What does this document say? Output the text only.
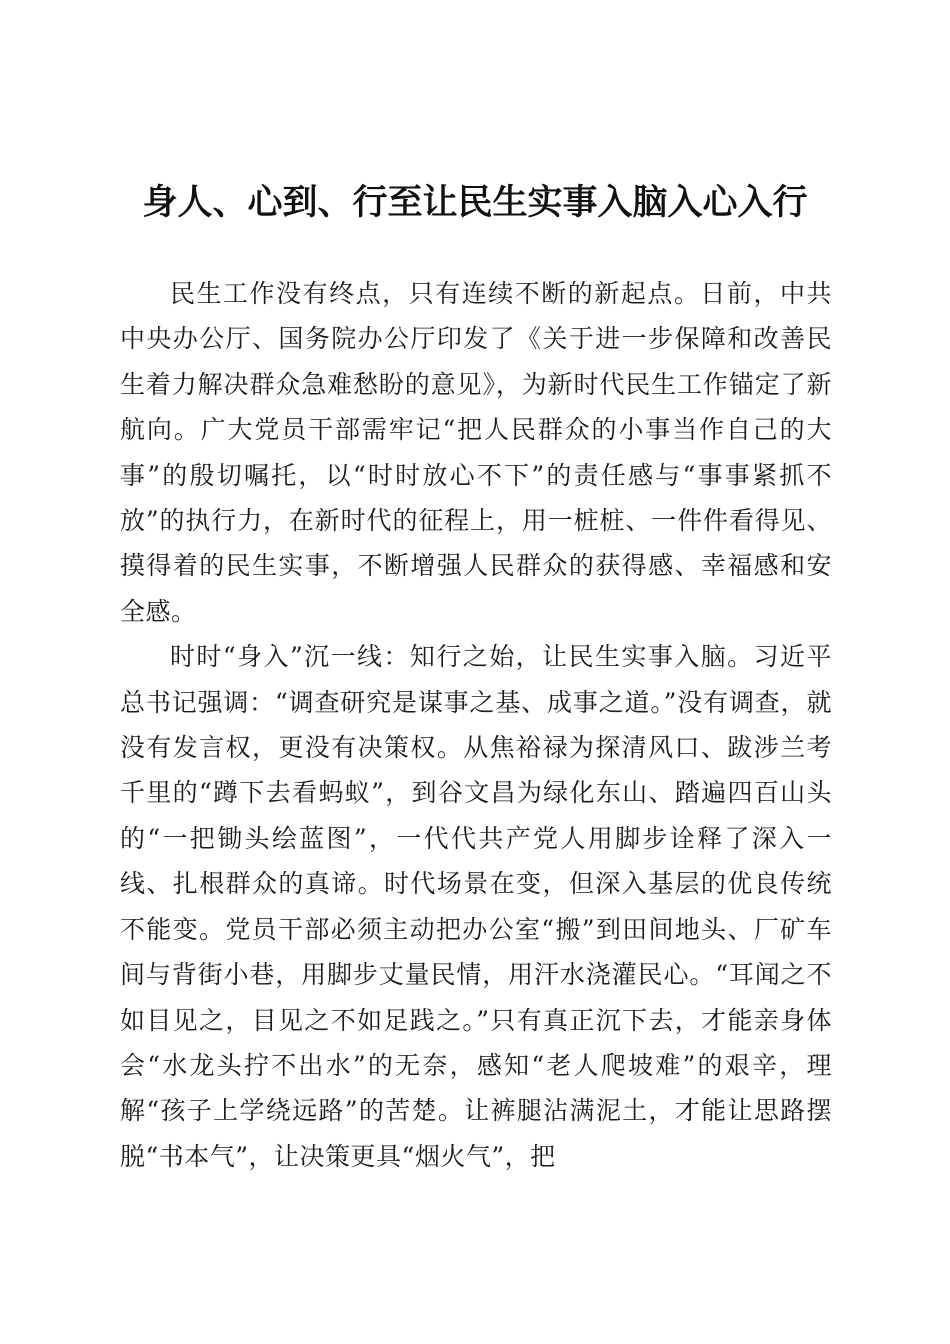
身人、心到、行至让民生实事入脑入心入行

民生工作没有终点，只有连续不断的新起点。日前，中共中央办公厅、国务院办公厅印发了《关于进一步保障和改善民生着力解决群众急难愁盼的意见》，为新时代民生工作锚定了新航向。广大党员干部需牢记“把人民群众的小事当作自己的大事”的殷切嘱托，以“时时放心不下”的责任感与“事事紧抓不放”的执行力，在新时代的征程上，用一桩桩、一件件看得见、摸得着的民生实事，不断增强人民群众的获得感、幸福感和安全感。

时时“身入”沉一线：知行之始，让民生实事入脑。习近平总书记强调：“调查研究是谋事之基、成事之道。”没有调查，就没有发言权，更没有决策权。从焦裕禄为探清风口、跋涉兰考千里的“蹲下去看蚂蚁”，到谷文昌为绿化东山、踏遍四百山头的“一把锄头绘蓝图”，一代代共产党人用脚步诠释了深入一线、扎根群众的真谛。时代场景在变，但深入基层的优良传统不能变。党员干部必须主动把办公室“搬”到田间地头、厂矿车间与背街小巷，用脚步丈量民情，用汗水浇灌民心。“耳闻之不如目见之，目见之不如足践之。”只有真正沉下去，才能亲身体会“水龙头拧不出水”的无奈，感知“老人爬坡难”的艰辛，理解“孩子上学绕远路”的苦楚。让裤腿沾满泥土，才能让思路摆脱“书本气”，让决策更具“烟火气”，把
